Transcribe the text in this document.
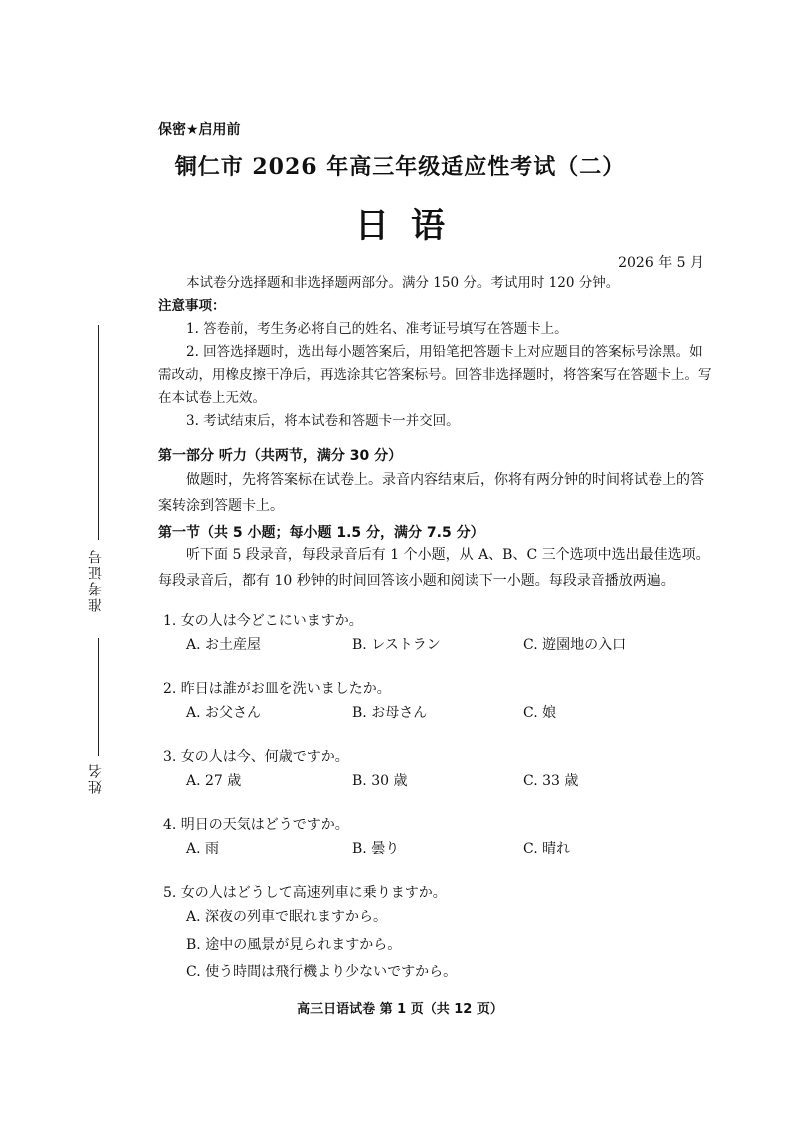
保密★启用前
铜仁市 2026 年高三年级适应性考试（二）
日语
2026 年 5 月
本试卷分选择题和非选择题两部分。满分 150 分。考试用时 120 分钟。
注意事项：
1. 答卷前，考生务必将自己的姓名、准考证号填写在答题卡上。
2. 回答选择题时，选出每小题答案后，用铅笔把答题卡上对应题目的答案标号涂黑。如需改动，用橡皮擦干净后，再选涂其它答案标号。回答非选择题时，将答案写在答题卡上。写在本试卷上无效。
3. 考试结束后，将本试卷和答题卡一并交回。
第一部分 听力（共两节，满分 30 分）
做题时，先将答案标在试卷上。录音内容结束后，你将有两分钟的时间将试卷上的答案转涂到答题卡上。
第一节（共 5 小题；每小题 1.5 分，满分 7.5 分）
听下面 5 段录音，每段录音后有 1 个小题，从 A、B、C 三个选项中选出最佳选项。每段录音后，都有 10 秒钟的时间回答该小题和阅读下一小题。每段录音播放两遍。
1. 女の人は今どこにいますか。
A. お土産屋	B. レストラン	C. 遊園地の入口
2. 昨日は誰がお皿を洗いましたか。
A. お父さん	B. お母さん	C. 娘
3. 女の人は今、何歳ですか。
A. 27 歳	B. 30 歳	C. 33 歳
4. 明日の天気はどうですか。
A. 雨	B. 曇り	C. 晴れ
5. 女の人はどうして高速列車に乗りますか。
A. 深夜の列車で眠れますから。
B. 途中の風景が見られますから。
C. 使う時間は飛行機より少ないですから。
准考证号
姓名
高三日语试卷 第 1 页（共 12 页）
